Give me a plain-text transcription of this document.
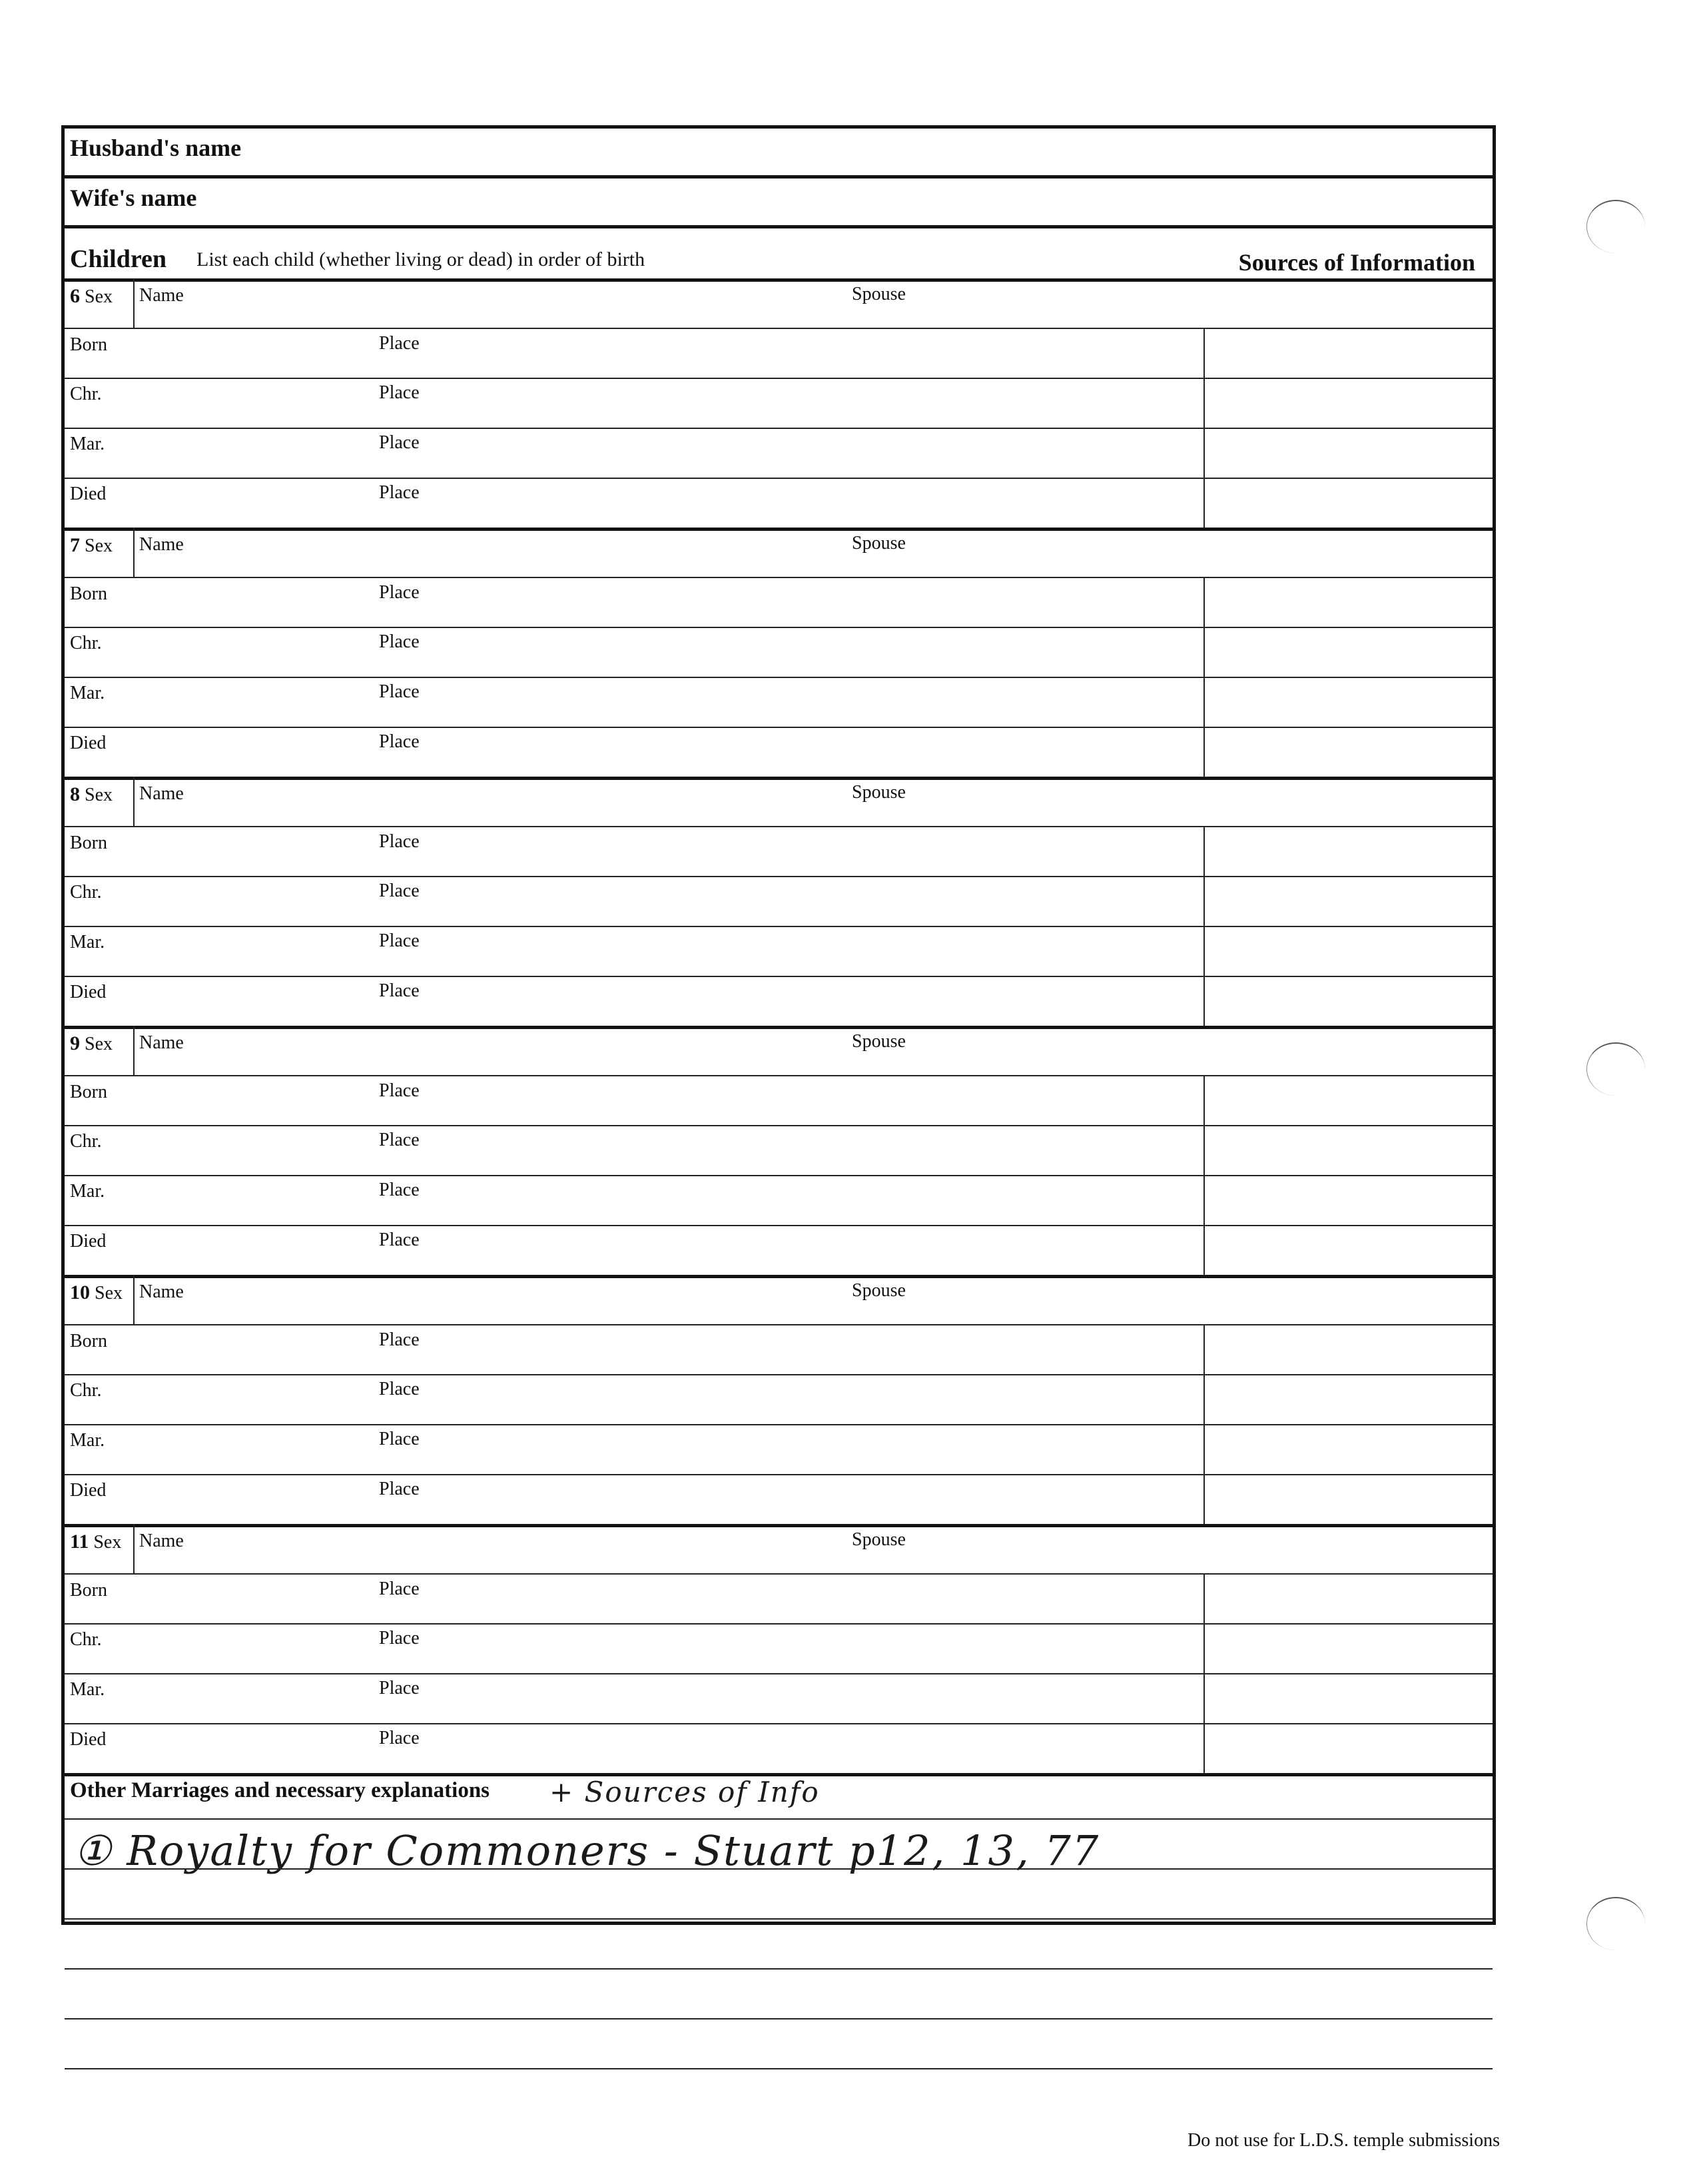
Husband's name
Wife's name
Children List each child (whether living or dead) in order of birth	Sources of Information
6 Sex Name	Spouse
Born	Place
Chr.	Place
Mar.	Place
Died	Place
7 Sex Name	Spouse
Born	Place
Chr.	Place
Mar.	Place
Died	Place
8 Sex Name	Spouse
Born	Place
Chr.	Place
Mar.	Place
Died	Place
9 Sex Name	Spouse
Born	Place
Chr.	Place
Mar.	Place
Died	Place
10 Sex Name	Spouse
Born	Place
Chr.	Place
Mar.	Place
Died	Place
11 Sex Name	Spouse
Born	Place
Chr.	Place
Mar.	Place
Died	Place
Other Marriages and necessary explanations + Sources of Info
① Royalty for Commoners - Stuart p12, 13, 77
Do not use for L.D.S. temple submissions
